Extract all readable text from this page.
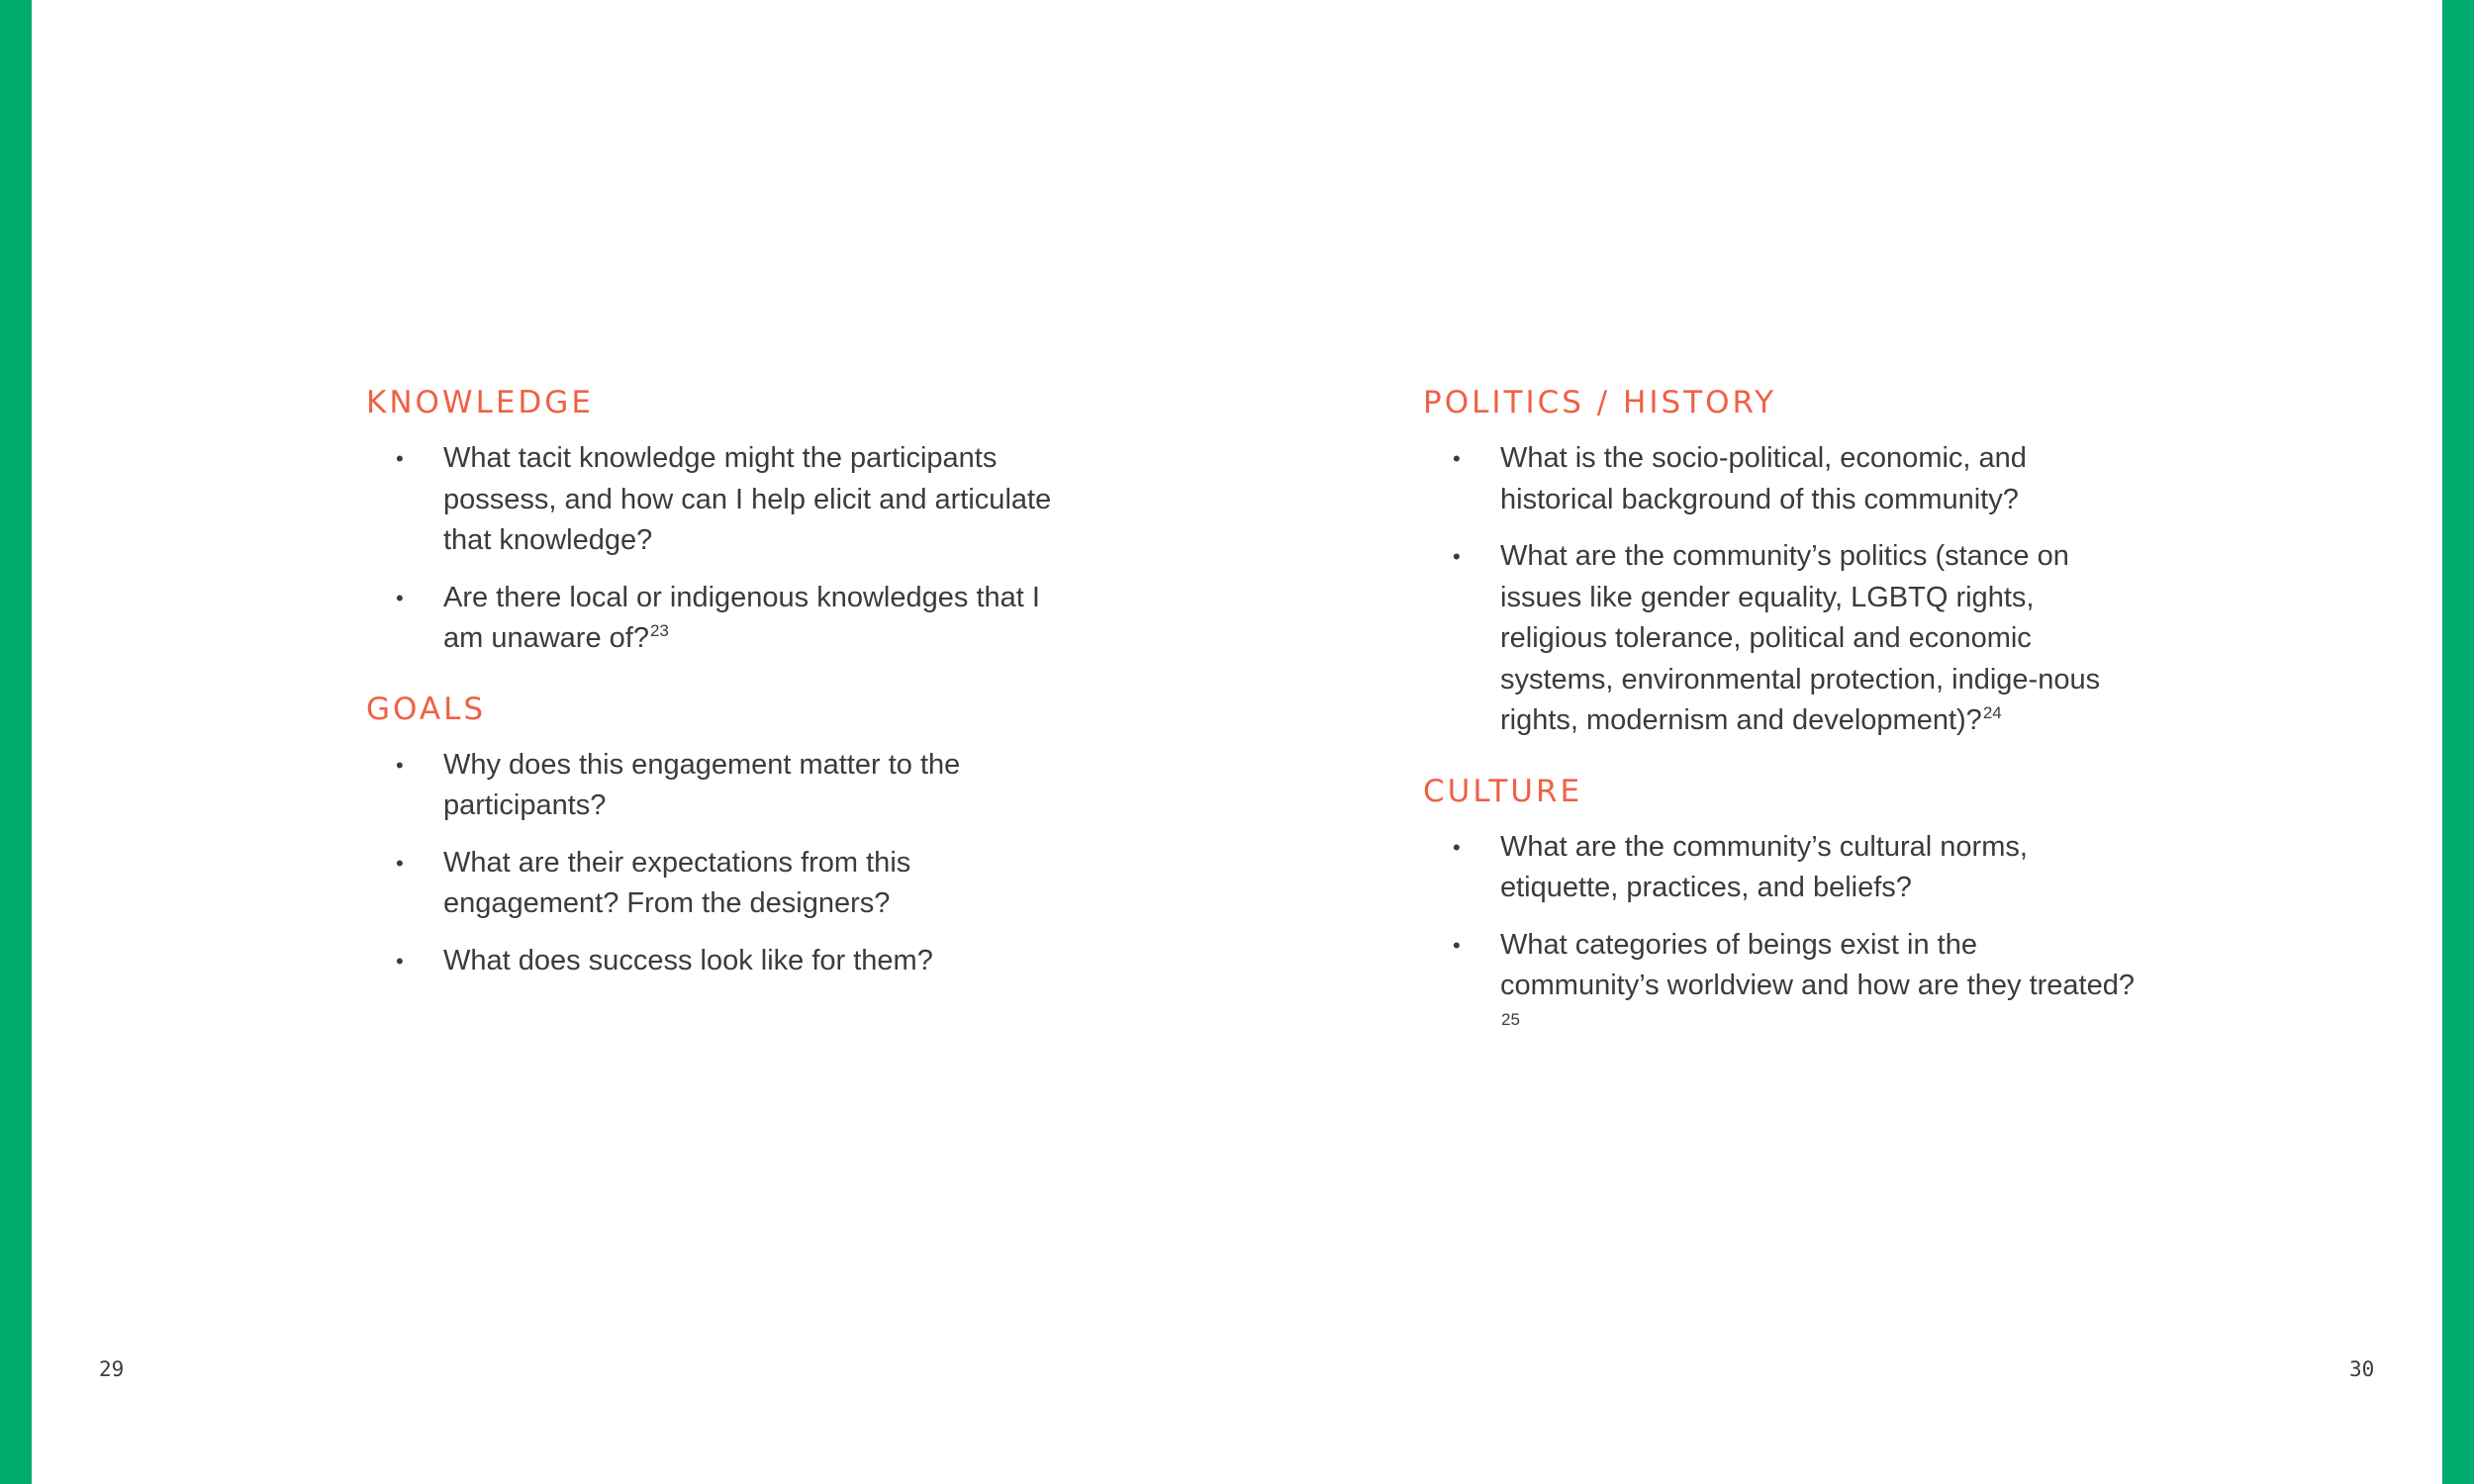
KNOWLEDGE
• What tacit knowledge might the participants possess, and how can I help elicit and articulate that knowledge?
• Are there local or indigenous knowledges that I am unaware of?$^{23}$
GOALS
• Why does this engagement matter to the participants?
• What are their expectations from this engagement? From the designers?
• What does success look like for them?
POLITICS / HISTORY
• What is the socio-political, economic, and historical background of this community?
• What are the community’s politics (stance on issues like gender equality, LGBTQ rights, religious tolerance, political and economic systems, environmental protection, indige-nous rights, modernism and development)?$^{24}$
CULTURE
• What are the community’s cultural norms, etiquette, practices, and beliefs?
• What categories of beings exist in the community’s worldview and how are they treated?$^{25}$
29	30
